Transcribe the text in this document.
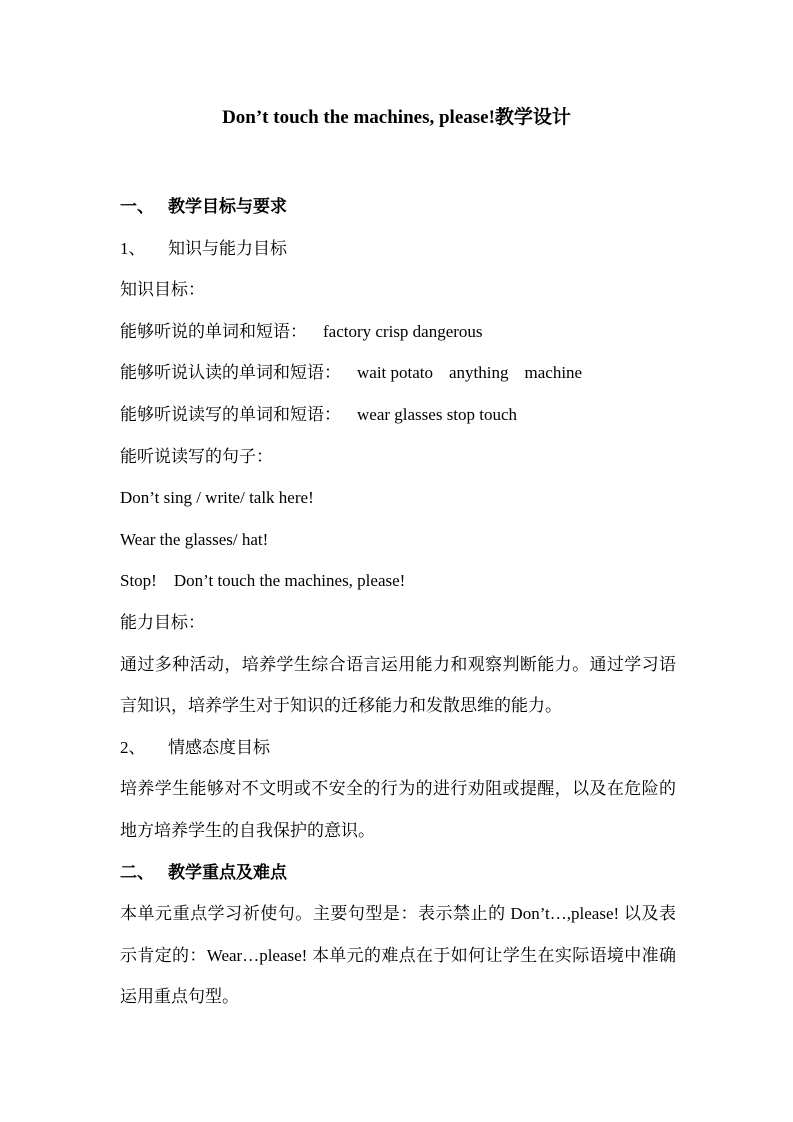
Don’t touch the machines, please!教学设计
一、 教学目标与要求
1、 知识与能力目标
知识目标：
能够听说的单词和短语： factory crisp dangerous
能够听说认读的单词和短语： wait potato anything machine
能够听说读写的单词和短语： wear glasses stop touch
能听说读写的句子：
Don’t sing / write/ talk here!
Wear the glasses/ hat!
Stop!    Don’t touch the machines, please!
能力目标：
通过多种活动，培养学生综合语言运用能力和观察判断能力。通过学习语言知识，培养学生对于知识的迁移能力和发散思维的能力。
2、 情感态度目标
培养学生能够对不文明或不安全的行为的进行劝阻或提醒，以及在危险的地方培养学生的自我保护的意识。
二、 教学重点及难点
本单元重点学习祈使句。主要句型是：表示禁止的 Don’t…,please! 以及表示肯定的：Wear…please! 本单元的难点在于如何让学生在实际语境中准确运用重点句型。
